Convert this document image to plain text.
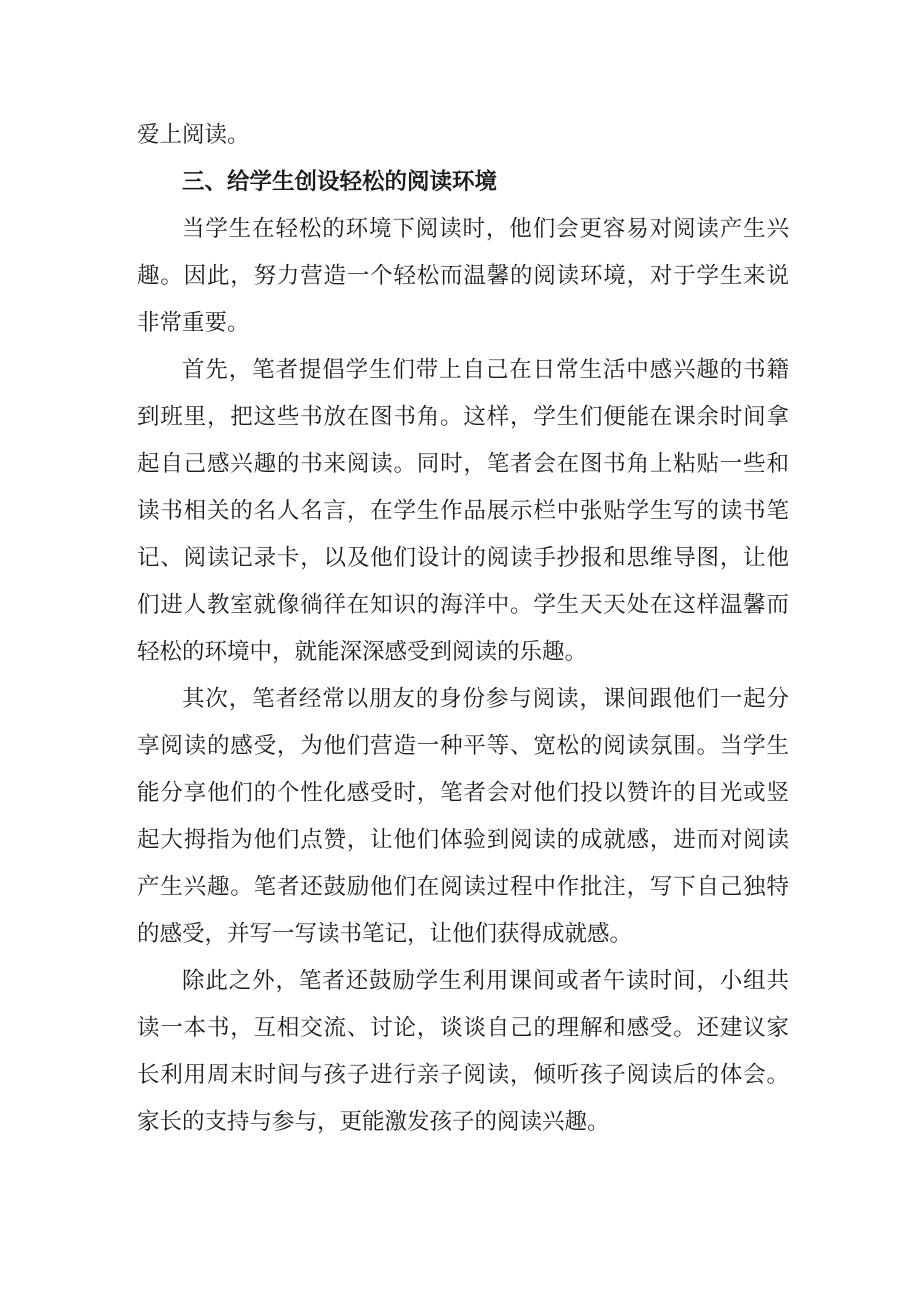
爱上阅读。

三、给学生创设轻松的阅读环境

当学生在轻松的环境下阅读时，他们会更容易对阅读产生兴趣。因此，努力营造一个轻松而温馨的阅读环境，对于学生来说非常重要。

首先，笔者提倡学生们带上自己在日常生活中感兴趣的书籍到班里，把这些书放在图书角。这样，学生们便能在课余时间拿起自己感兴趣的书来阅读。同时，笔者会在图书角上粘贴一些和读书相关的名人名言，在学生作品展示栏中张贴学生写的读书笔记、阅读记录卡，以及他们设计的阅读手抄报和思维导图，让他们进人教室就像徜徉在知识的海洋中。学生天天处在这样温馨而轻松的环境中，就能深深感受到阅读的乐趣。

其次，笔者经常以朋友的身份参与阅读，课间跟他们一起分享阅读的感受，为他们营造一种平等、宽松的阅读氛围。当学生能分享他们的个性化感受时，笔者会对他们投以赞许的目光或竖起大拇指为他们点赞，让他们体验到阅读的成就感，进而对阅读产生兴趣。笔者还鼓励他们在阅读过程中作批注，写下自己独特的感受，并写一写读书笔记，让他们获得成就感。

除此之外，笔者还鼓励学生利用课间或者午读时间，小组共读一本书，互相交流、讨论，谈谈自己的理解和感受。还建议家长利用周末时间与孩子进行亲子阅读，倾听孩子阅读后的体会。家长的支持与参与，更能激发孩子的阅读兴趣。
